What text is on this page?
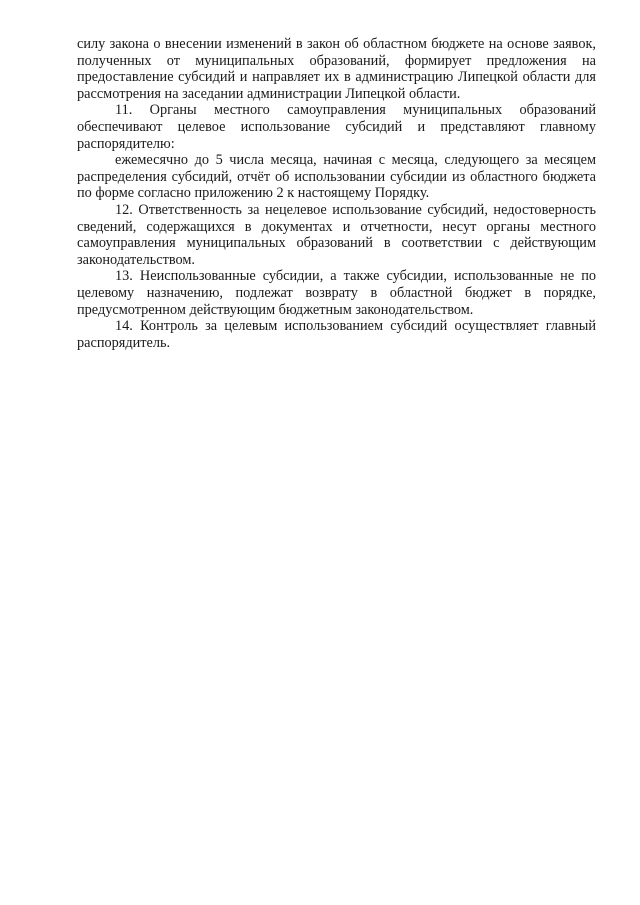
силу закона о внесении изменений в закон об областном бюджете на основе заявок, полученных от муниципальных образований, формирует предложения на предоставление субсидий и направляет их в администрацию Липецкой области для рассмотрения на заседании администрации Липецкой области.

11. Органы местного самоуправления муниципальных образований обеспечивают целевое использование субсидий и представляют главному распорядителю:

ежемесячно до 5 числа месяца, начиная с месяца, следующего за месяцем распределения субсидий, отчёт об использовании субсидии из областного бюджета по форме согласно приложению 2 к настоящему Порядку.

12. Ответственность за нецелевое использование субсидий, недостоверность сведений, содержащихся в документах и отчетности, несут органы местного самоуправления муниципальных образований в соответствии с действующим законодательством.

13. Неиспользованные субсидии, а также субсидии, использованные не по целевому назначению, подлежат возврату в областной бюджет в порядке, предусмотренном действующим бюджетным законодательством.

14. Контроль за целевым использованием субсидий осуществляет главный распорядитель.
